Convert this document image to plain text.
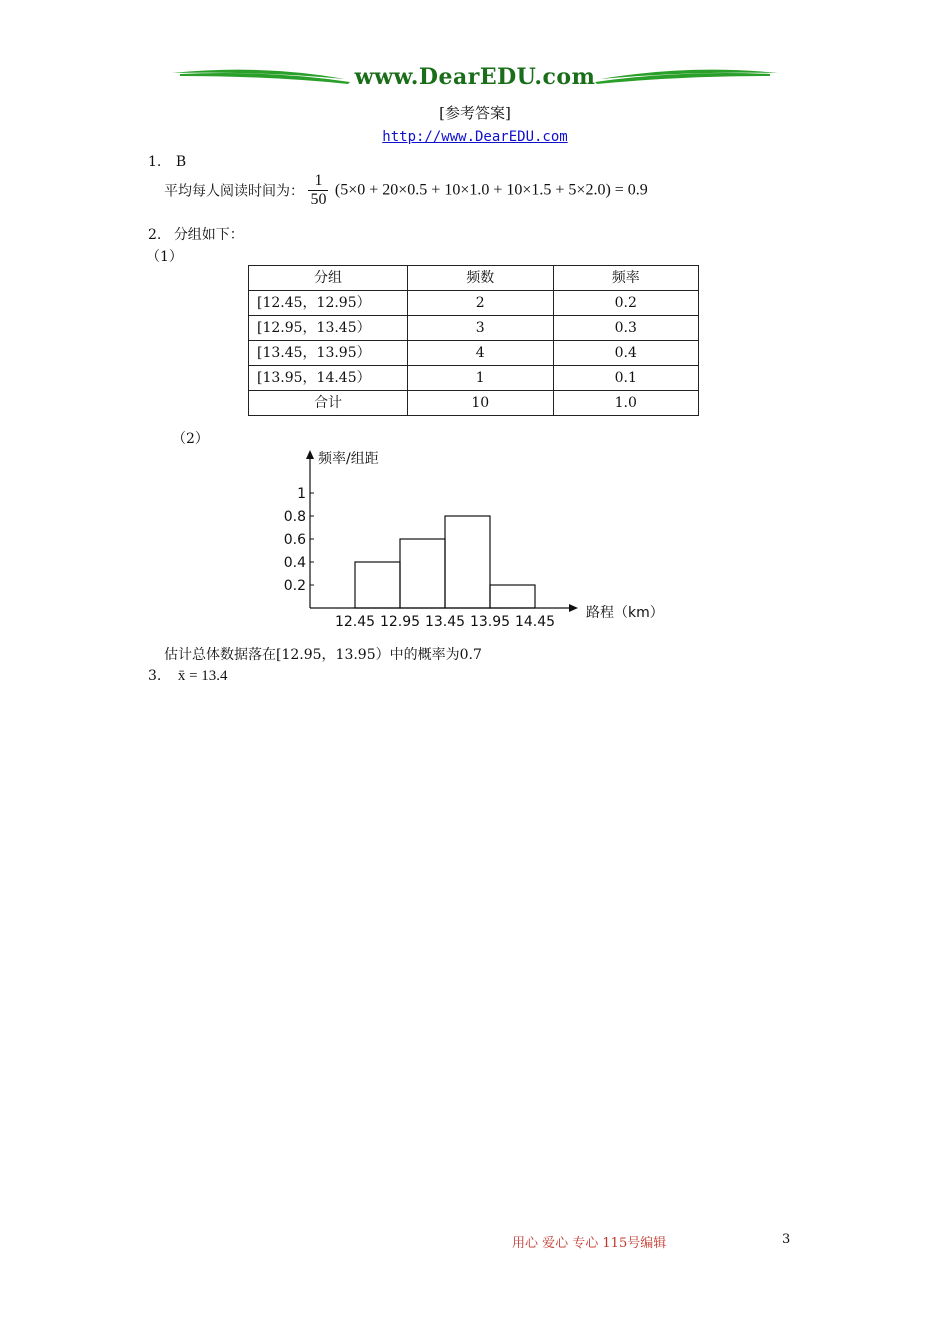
www.DearEDU.com
[参考答案]
http://www.DearEDU.com
1. B
平均每人阅读时间为： $\frac{1}{50} (5\times 0 + 20\times 0.5 + 10\times 1.0 + 10\times 1.5 + 5\times 2.0) = 0.9$
2. 分组如下：
（1）
分组	频数	频率
[12.45，12.95）	2	0.2
[12.95，13.45）	3	0.3
[13.45，13.95）	4	0.4
[13.95，14.45）	1	0.1
合计	10	1.0
（2）
频率/组距
路程（km）
12.45 12.95 13.45 13.95 14.45
0.2
0.4
0.6
0.8
1
估计总体数据落在[12.95，13.95）中的概率为0.7
3. x̄ = 13.4
用心 爱心 专心 115号编辑	3
